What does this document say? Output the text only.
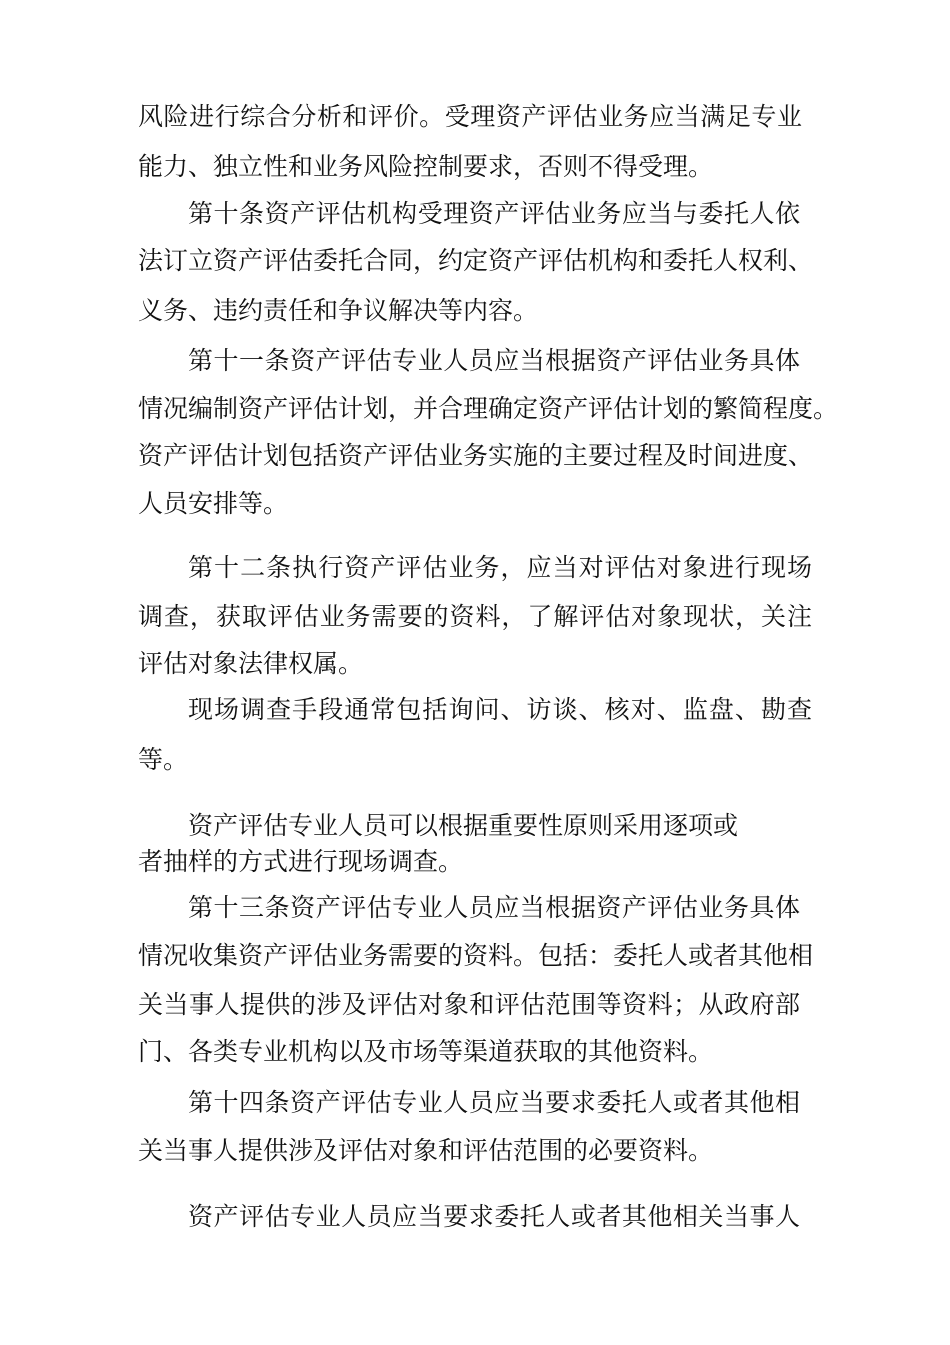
风险进行综合分析和评价。受理资产评估业务应当满足专业
能力、独立性和业务风险控制要求，否则不得受理。
第十条资产评估机构受理资产评估业务应当与委托人依
法订立资产评估委托合同，约定资产评估机构和委托人权利、
义务、违约责任和争议解决等内容。
第十一条资产评估专业人员应当根据资产评估业务具体
情况编制资产评估计划，并合理确定资产评估计划的繁简程度。
资产评估计划包括资产评估业务实施的主要过程及时间进度、
人员安排等。
第十二条执行资产评估业务，应当对评估对象进行现场
调查，获取评估业务需要的资料，了解评估对象现状，关注
评估对象法律权属。
现场调查手段通常包括询问、访谈、核对、监盘、勘查
等。
资产评估专业人员可以根据重要性原则采用逐项或
者抽样的方式进行现场调查。
第十三条资产评估专业人员应当根据资产评估业务具体
情况收集资产评估业务需要的资料。包括：委托人或者其他相
关当事人提供的涉及评估对象和评估范围等资料；从政府部
门、各类专业机构以及市场等渠道获取的其他资料。
第十四条资产评估专业人员应当要求委托人或者其他相
关当事人提供涉及评估对象和评估范围的必要资料。
资产评估专业人员应当要求委托人或者其他相关当事人
